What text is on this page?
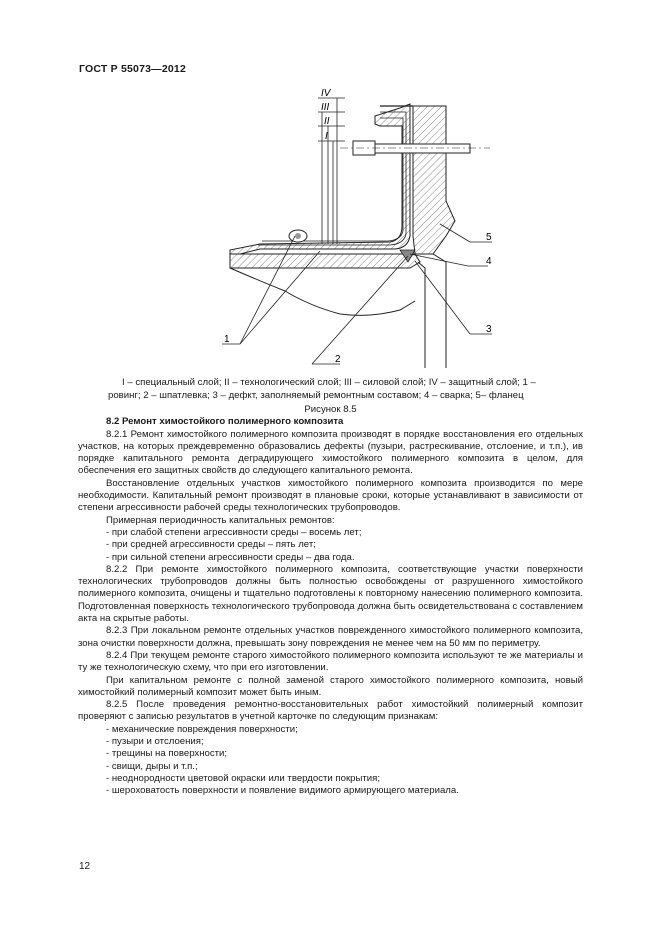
ГОСТ Р 55073—2012
IV
III
II
I
1
2
3
4
5

I – специальный слой; II – технологический слой; III – силовой слой; IV – защитный слой; 1 –

ровинг; 2 – шпатлевка; 3 – дефкт, заполняемый ремонтным составом; 4 – сварка; 5– фланец
Рисунок 8.5
8.2 Ремонт химостойкого полимерного композита

8.2.1 Ремонт химостойкого полимерного композита производят в порядке восстановления его отдельных участков, на которых преждевременно образовались дефекты (пузыри, растрескивание, отслоение, и т.п.), ив порядке капитального ремонта деградирующего химостойкого полимерного композита в целом, для обеспечения его защитных свойств до следующего капитального ремонта.

Восстановление отдельных участков химостойкого полимерного композита производится по мере необходимости. Капитальный ремонт производят в плановые сроки, которые устанавливают в зависимости от степени агрессивности рабочей среды технологических трубопроводов.

Примерная периодичность капитальных ремонтов:

- при слабой степени агрессивности среды – восемь лет;

- при средней агрессивности среды – пять лет;

- при сильной степени агрессивности среды – два года.

8.2.2 При ремонте химостойкого полимерного композита, соответствующие участки поверхности технологических трубопроводов должны быть полностью освобождены от разрушенного химостойкого полимерного композита, очищены и тщательно подготовлены к повторному нанесению полимерного композита. Подготовленная поверхность технологического трубопровода должна быть освидетельствована с составлением акта на скрытые работы.

8.2.3 При локальном ремонте отдельных участков поврежденного химостойкого полимерного композита, зона очистки поверхности должна, превышать зону повреждения не менее чем на 50 мм по периметру.

8.2.4 При текущем ремонте старого химостойкого полимерного композита используют те же материалы и ту же технологическую схему, что при его изготовлении.

При капитальном ремонте с полной заменой старого химостойкого полимерного композита, новый химостойкий полимерный композит может быть иным.

8.2.5 После проведения ремонтно-восстановительных работ химостойкий полимерный композит проверяют с записью результатов в учетной карточке по следующим признакам:

- механические повреждения поверхности;

- пузыри и отслоения;

- трещины на поверхности;

- свищи, дыры и т.п.;

- неоднородности цветовой окраски или твердости покрытия;

- шероховатость поверхности и появление видимого армирующего материала.

12
